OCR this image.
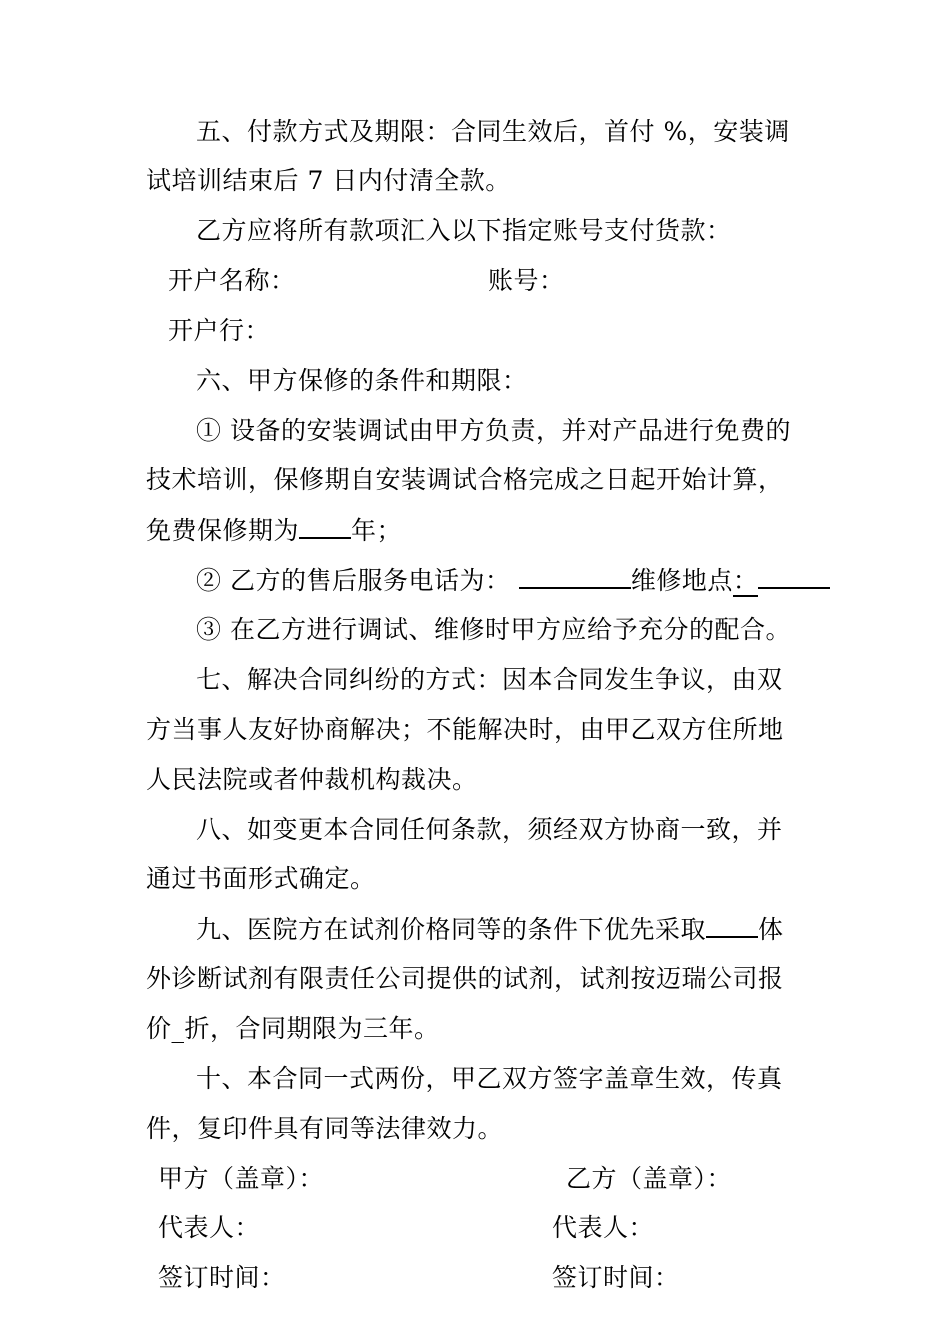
五、付款方式及期限：合同生效后，首付 %，安装调
试培训结束后 7 日内付清全款。
乙方应将所有款项汇入以下指定账号支付货款：
开户名称：	账号：
开户行：
六、甲方保修的条件和期限：
① 设备的安装调试由甲方负责，并对产品进行免费的
技术培训，保修期自安装调试合格完成之日起开始计算，
免费保修期为 年；
② 乙方的售后服务电话为：	维修地点：
③ 在乙方进行调试、维修时甲方应给予充分的配合。
七、解决合同纠纷的方式：因本合同发生争议，由双
方当事人友好协商解决；不能解决时，由甲乙双方住所地
人民法院或者仲裁机构裁决。
八、如变更本合同任何条款，须经双方协商一致，并
通过书面形式确定。
九、医院方在试剂价格同等的条件下优先采取 体
外诊断试剂有限责任公司提供的试剂，试剂按迈瑞公司报
价_折，合同期限为三年。
十、本合同一式两份，甲乙双方签字盖章生效，传真
件，复印件具有同等法律效力。
甲方（盖章）：	乙方（盖章）：
代表人：	代表人：
签订时间：	签订时间：
